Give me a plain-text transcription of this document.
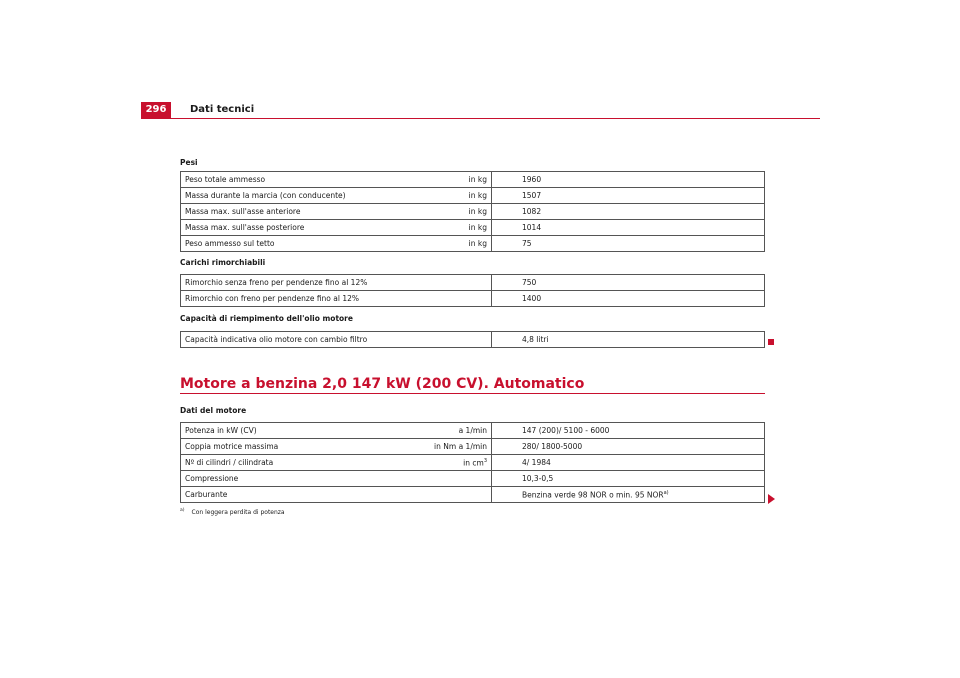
296	Dati tecnici
Pesi
Peso totale ammesso	in kg	1960
Massa durante la marcia (con conducente)	in kg	1507
Massa max. sull'asse anteriore	in kg	1082
Massa max. sull'asse posteriore	in kg	1014
Peso ammesso sul tetto	in kg	75
Carichi rimorchiabili
Rimorchio senza freno per pendenze fino al 12%		750
Rimorchio con freno per pendenze fino al 12%		1400
Capacità di riempimento dell'olio motore
Capacità indicativa olio motore con cambio filtro		4,8 litri
Motore a benzina 2,0 147 kW (200 CV). Automatico
Dati del motore
Potenza in kW (CV)	a 1/min	147 (200)/ 5100 - 6000
Coppia motrice massima	in Nm a 1/min	280/ 1800-5000
Nº di cilindri / cilindrata	in $cm^3$	4/ 1984
Compressione		10,3-0,5
Carburante		Benzina verde 98 NOR o min. 95 NOR$^{a)}$
$^{a)}$ Con leggera perdita di potenza
